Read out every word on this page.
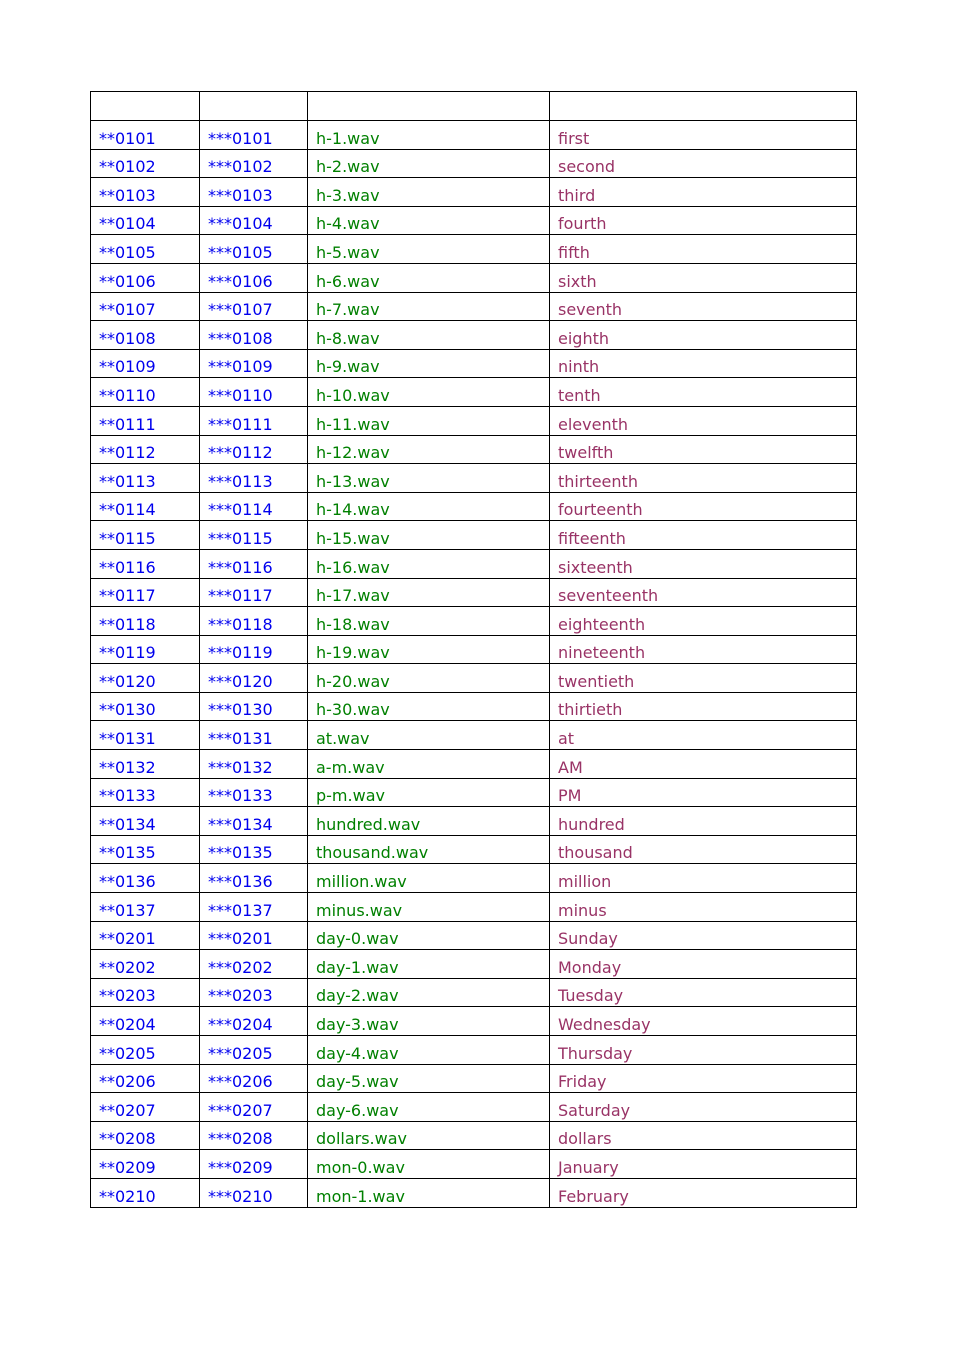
**0101	***0101	h-1.wav	first
**0102	***0102	h-2.wav	second
**0103	***0103	h-3.wav	third
**0104	***0104	h-4.wav	fourth
**0105	***0105	h-5.wav	fifth
**0106	***0106	h-6.wav	sixth
**0107	***0107	h-7.wav	seventh
**0108	***0108	h-8.wav	eighth
**0109	***0109	h-9.wav	ninth
**0110	***0110	h-10.wav	tenth
**0111	***0111	h-11.wav	eleventh
**0112	***0112	h-12.wav	twelfth
**0113	***0113	h-13.wav	thirteenth
**0114	***0114	h-14.wav	fourteenth
**0115	***0115	h-15.wav	fifteenth
**0116	***0116	h-16.wav	sixteenth
**0117	***0117	h-17.wav	seventeenth
**0118	***0118	h-18.wav	eighteenth
**0119	***0119	h-19.wav	nineteenth
**0120	***0120	h-20.wav	twentieth
**0130	***0130	h-30.wav	thirtieth
**0131	***0131	at.wav	at
**0132	***0132	a-m.wav	AM
**0133	***0133	p-m.wav	PM
**0134	***0134	hundred.wav	hundred
**0135	***0135	thousand.wav	thousand
**0136	***0136	million.wav	million
**0137	***0137	minus.wav	minus
**0201	***0201	day-0.wav	Sunday
**0202	***0202	day-1.wav	Monday
**0203	***0203	day-2.wav	Tuesday
**0204	***0204	day-3.wav	Wednesday
**0205	***0205	day-4.wav	Thursday
**0206	***0206	day-5.wav	Friday
**0207	***0207	day-6.wav	Saturday
**0208	***0208	dollars.wav	dollars
**0209	***0209	mon-0.wav	January
**0210	***0210	mon-1.wav	February
